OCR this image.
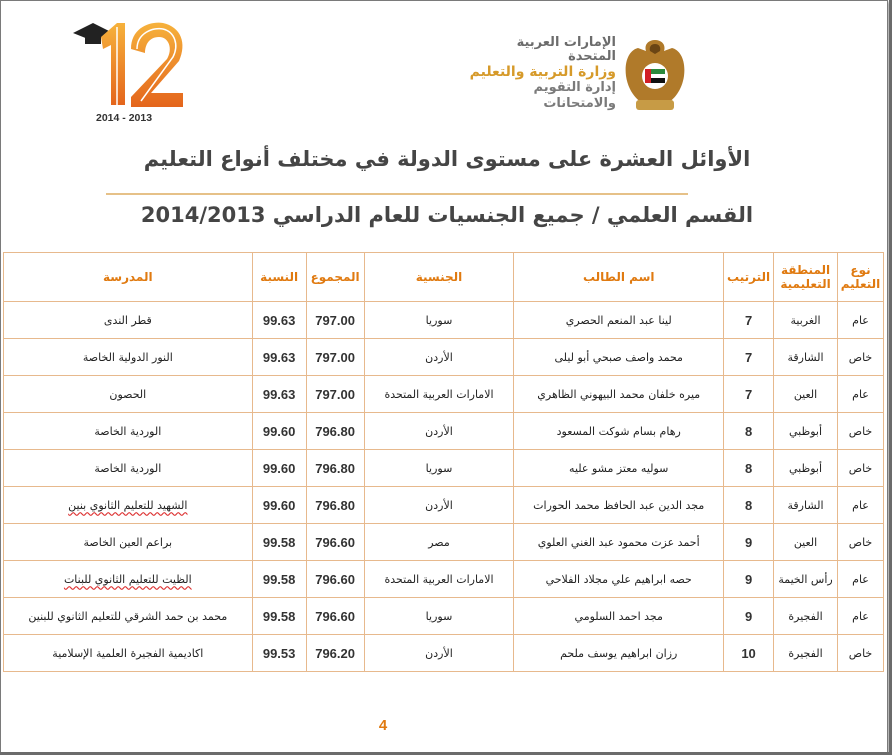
2014 - 2013
الإمارات العربية المتحدة
وزارة التربية والتعليم
إدارة التقويم والامتحانات
الأوائل العشرة على مستوى الدولة في مختلف أنواع التعليم
القسم العلمي / جميع الجنسيات للعام الدراسي 2014/2013
نوع التعليم	المنطقة التعليمية	الترتيب	اسم الطالب	الجنسية	المجموع	النسبة	المدرسة
عام	الغربية	7	لينا عبد المنعم الحصري	سوريا	797.00	99.63	قطر الندى
خاص	الشارقة	7	محمد واصف صبحي أبو ليلى	الأردن	797.00	99.63	النور الدولية الخاصة
عام	العين	7	ميره خلفان محمد البيهوني الظاهري	الامارات العربية المتحدة	797.00	99.63	الحصون
خاص	أبوظبي	8	رهام بسام شوكت المسعود	الأردن	796.80	99.60	الوردية الخاصة
خاص	أبوظبي	8	سوليه معتز مشو عليه	سوريا	796.80	99.60	الوردية الخاصة
عام	الشارقة	8	مجد الدين عبد الحافظ محمد الحورات	الأردن	796.80	99.60	الشهيد للتعليم الثانوي بنين
خاص	العين	9	أحمد عزت محمود عبد الغني العلوي	مصر	796.60	99.58	براعم العين الخاصة
عام	رأس الخيمة	9	حصه ابراهيم علي مجلاد الفلاحي	الامارات العربية المتحدة	796.60	99.58	الظيت للتعليم الثانوي للبنات
عام	الفجيرة	9	مجد احمد السلومي	سوريا	796.60	99.58	محمد بن حمد الشرقي للتعليم الثانوي للبنين
خاص	الفجيرة	10	رزان ابراهيم يوسف ملحم	الأردن	796.20	99.53	اكاديمية الفجيرة العلمية الإسلامية
4
